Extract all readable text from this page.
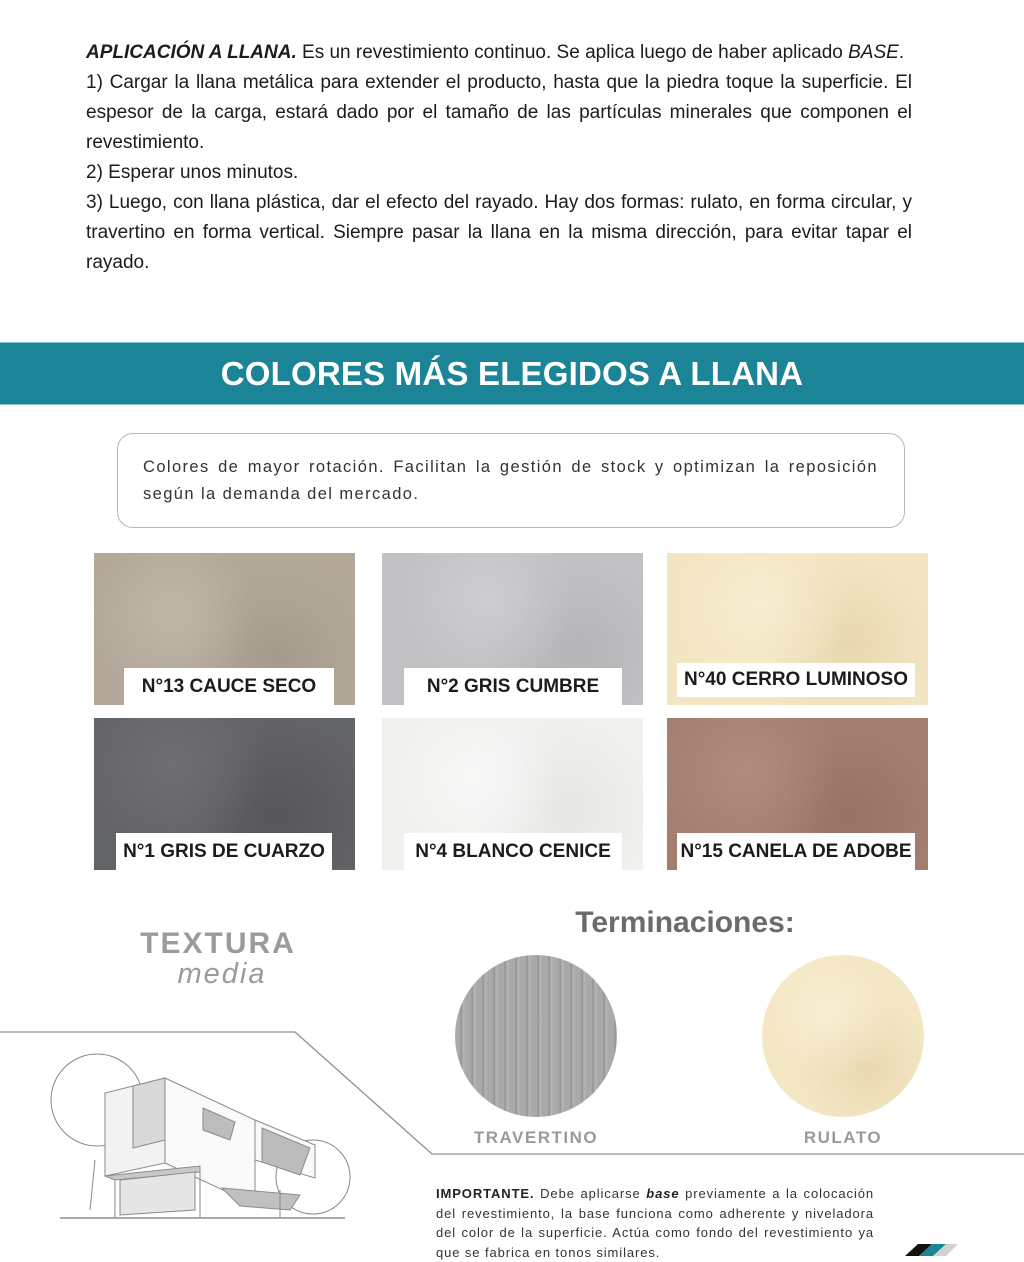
APLICACIÓN A LLANA. Es un revestimiento continuo. Se aplica luego de haber aplicado BASE.

1) Cargar la llana metálica para extender el producto, hasta que la piedra toque la superficie. El espesor de la carga, estará dado por el tamaño de las partículas minerales que componen el revestimiento.

2) Esperar unos minutos.

3) Luego, con llana plástica, dar el efecto del rayado. Hay dos formas: rulato, en forma circular, y travertino en forma vertical. Siempre pasar la llana en la misma dirección, para evitar tapar el rayado.

COLORES MÁS ELEGIDOS A LLANA

Colores de mayor rotación. Facilitan la gestión de stock y optimizan la reposición según la demanda del mercado.

N°13 CAUCE SECO	N°2 GRIS CUMBRE	N°40 CERRO LUMINOSO
N°1 GRIS DE CUARZO	N°4 BLANCO CENICE	N°15 CANELA DE ADOBE
TEXTURA
media
Terminaciones:
TRAVERTINO	RULATO
IMPORTANTE. Debe aplicarse base previamente a la colocación del revestimiento, la base funciona como adherente y niveladora del color de la superficie. Actúa como fondo del revestimiento ya que se fabrica en tonos similares.
